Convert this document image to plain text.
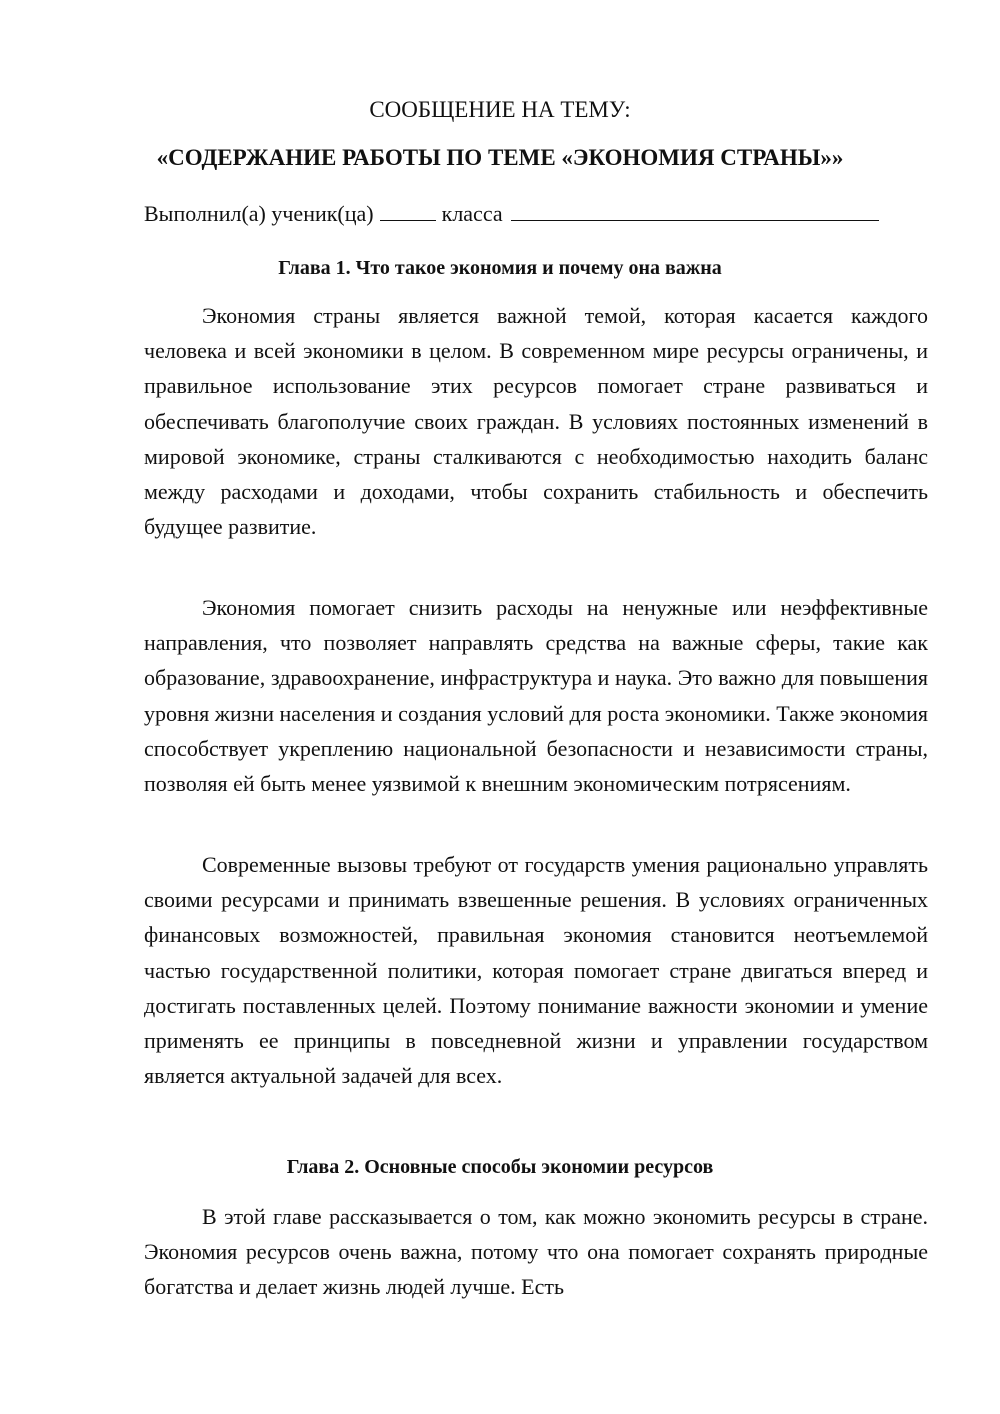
СООБЩЕНИЕ НА ТЕМУ:
«СОДЕРЖАНИЕ РАБОТЫ ПО ТЕМЕ «ЭКОНОМИЯ СТРАНЫ»»
Выполнил(а) ученик(ца)	класса
Глава 1. Что такое экономия и почему она важна

Экономия страны является важной темой, которая касается каждого человека и всей экономики в целом. В современном мире ресурсы ограничены, и правильное использование этих ресурсов помогает стране развиваться и обеспечивать благополучие своих граждан. В условиях постоянных изменений в мировой экономике, страны сталкиваются с необходимостью находить баланс между расходами и доходами, чтобы сохранить стабильность и обеспечить будущее развитие.

Экономия помогает снизить расходы на ненужные или неэффективные направления, что позволяет направлять средства на важные сферы, такие как образование, здравоохранение, инфраструктура и наука. Это важно для повышения уровня жизни населения и создания условий для роста экономики. Также экономия способствует укреплению национальной безопасности и независимости страны, позволяя ей быть менее уязвимой к внешним экономическим потрясениям.

Современные вызовы требуют от государств умения рационально управлять своими ресурсами и принимать взвешенные решения. В условиях ограниченных финансовых возможностей, правильная экономия становится неотъемлемой частью государственной политики, которая помогает стране двигаться вперед и достигать поставленных целей. Поэтому понимание важности экономии и умение применять ее принципы в повседневной жизни и управлении государством является актуальной задачей для всех.

Глава 2. Основные способы экономии ресурсов

В этой главе рассказывается о том, как можно экономить ресурсы в стране. Экономия ресурсов очень важна, потому что она помогает сохранять природные богатства и делает жизнь людей лучше. Есть
